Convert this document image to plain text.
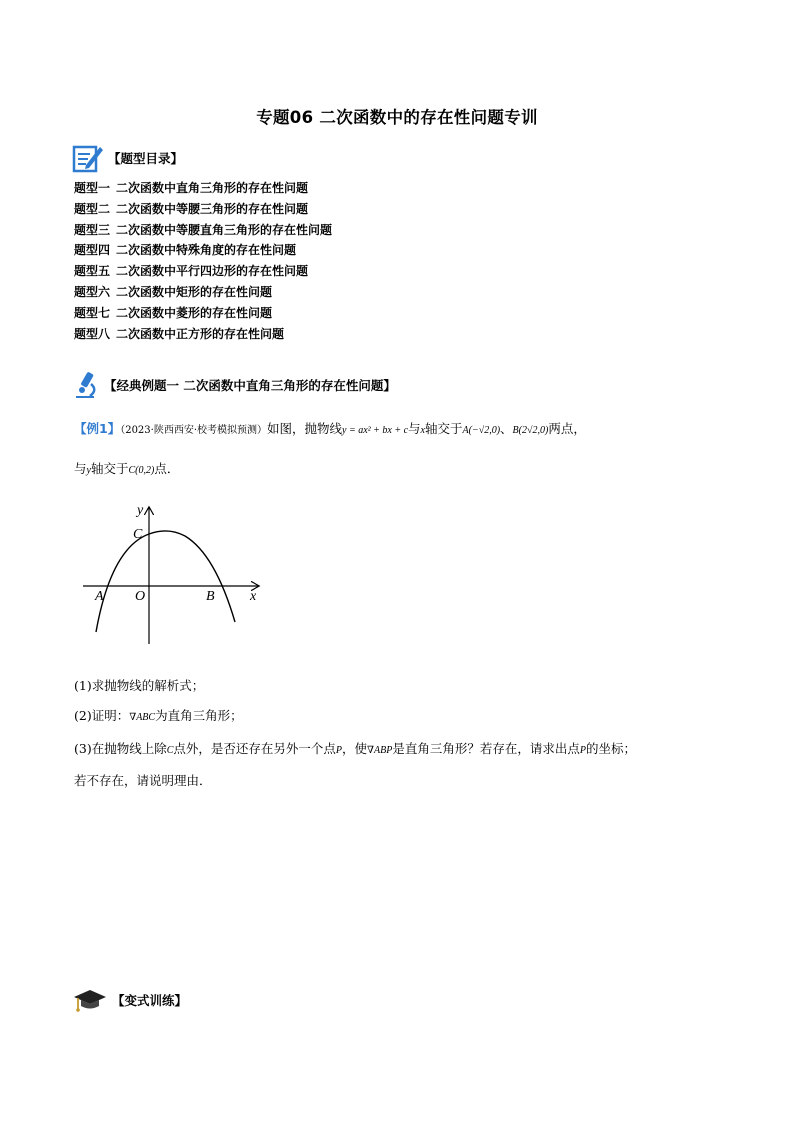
专题06 二次函数中的存在性问题专训
【题型目录】
题型一 二次函数中直角三角形的存在性问题
题型二 二次函数中等腰三角形的存在性问题
题型三 二次函数中等腰直角三角形的存在性问题
题型四 二次函数中特殊角度的存在性问题
题型五 二次函数中平行四边形的存在性问题
题型六 二次函数中矩形的存在性问题
题型七 二次函数中菱形的存在性问题
题型八 二次函数中正方形的存在性问题
【经典例题一 二次函数中直角三角形的存在性问题】
【例1】（2023·陕西西安·校考模拟预测）如图，抛物线y = ax² + bx + c与x轴交于A(−√2,0)、B(2√2,0)两点，
与y轴交于C(0,2)点．
y
C
A O	B	x
(1)求抛物线的解析式；
(2)证明：∇ABC为直角三角形；
(3)在抛物线上除C点外，是否还存在另外一个点P，使∇ABP是直角三角形？若存在，请求出点P的坐标；
若不存在，请说明理由．
【变式训练】
